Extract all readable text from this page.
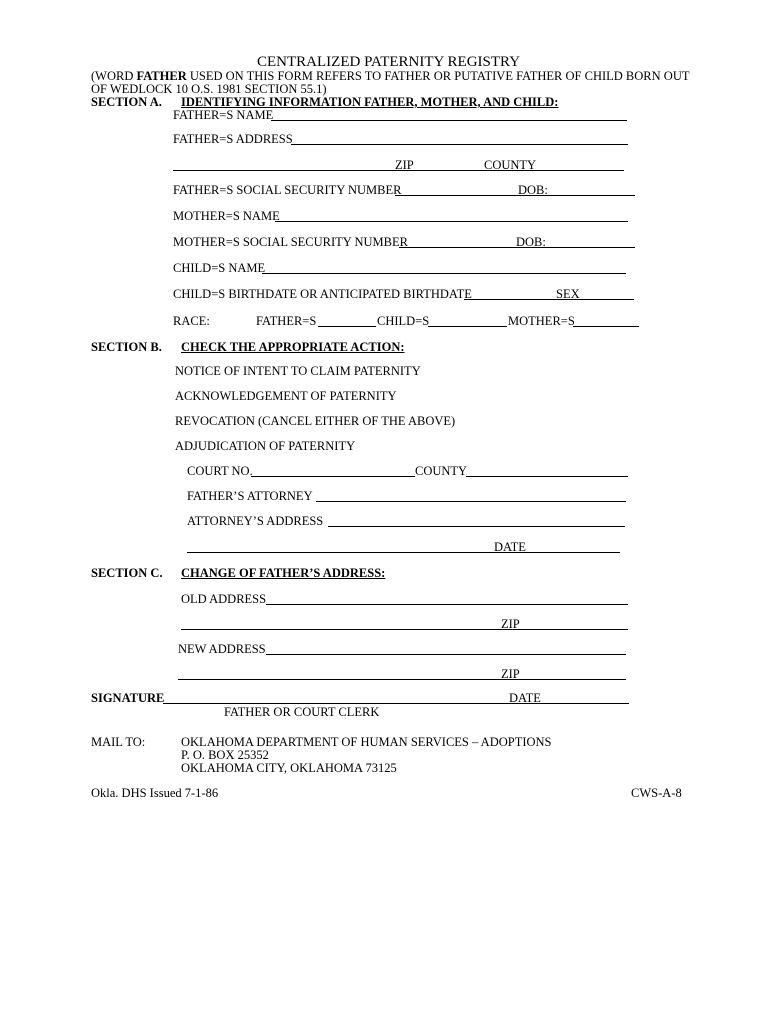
CENTRALIZED PATERNITY REGISTRY
(WORD FATHER USED ON THIS FORM REFERS TO FATHER OR PUTATIVE FATHER OF CHILD BORN OUT
OF WEDLOCK 10 O.S. 1981 SECTION 55.1)
SECTION A. IDENTIFYING INFORMATION FATHER, MOTHER, AND CHILD:
FATHER=S NAME
FATHER=S ADDRESS
ZIP	COUNTY
FATHER=S SOCIAL SECURITY NUMBER	DOB:
MOTHER=S NAME
MOTHER=S SOCIAL SECURITY NUMBER	DOB:
CHILD=S NAME
CHILD=S BIRTHDATE OR ANTICIPATED BIRTHDATE	SEX
RACE:	FATHER=S	CHILD=S	MOTHER=S
SECTION B. CHECK THE APPROPRIATE ACTION:
NOTICE OF INTENT TO CLAIM PATERNITY
ACKNOWLEDGEMENT OF PATERNITY
REVOCATION (CANCEL EITHER OF THE ABOVE)
ADJUDICATION OF PATERNITY
COURT NO.	COUNTY
FATHER’S ATTORNEY
ATTORNEY’S ADDRESS
DATE
SECTION C. CHANGE OF FATHER’S ADDRESS:
OLD ADDRESS
ZIP
NEW ADDRESS
ZIP
SIGNATURE	DATE
FATHER OR COURT CLERK
MAIL TO:	OKLAHOMA DEPARTMENT OF HUMAN SERVICES – ADOPTIONS
P. O. BOX 25352
OKLAHOMA CITY, OKLAHOMA 73125
Okla. DHS Issued 7-1-86	CWS-A-8
